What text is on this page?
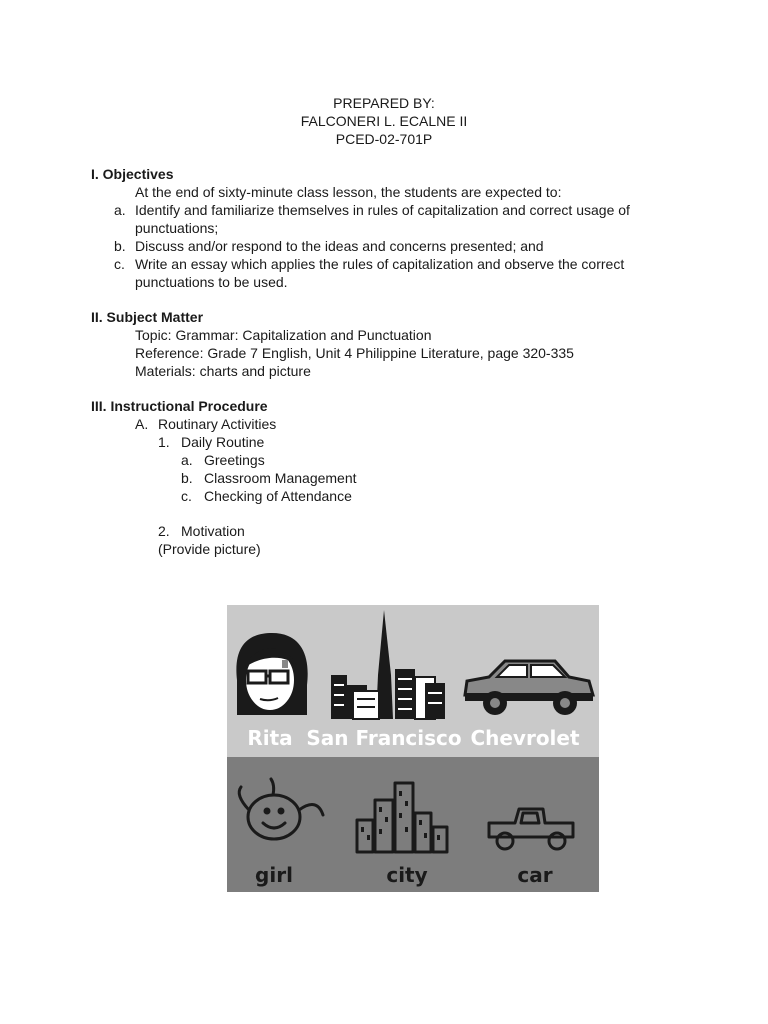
PREPARED BY:
FALCONERI L. ECALNE II
PCED-02-701P
I. Objectives
At the end of sixty-minute class lesson, the students are expected to:
a. Identify and familiarize themselves in rules of capitalization and correct usage of punctuations;
b. Discuss and/or respond to the ideas and concerns presented; and
c. Write an essay which applies the rules of capitalization and observe the correct punctuations to be used.
II. Subject Matter
Topic: Grammar: Capitalization and Punctuation
Reference: Grade 7 English, Unit 4 Philippine Literature, page 320-335
Materials: charts and picture
III. Instructional Procedure
A. Routinary Activities
1. Daily Routine
a. Greetings
b. Classroom Management
c. Checking of Attendance
2. Motivation
(Provide picture)
Rita San Francisco Chevrolet
girl	city	car
